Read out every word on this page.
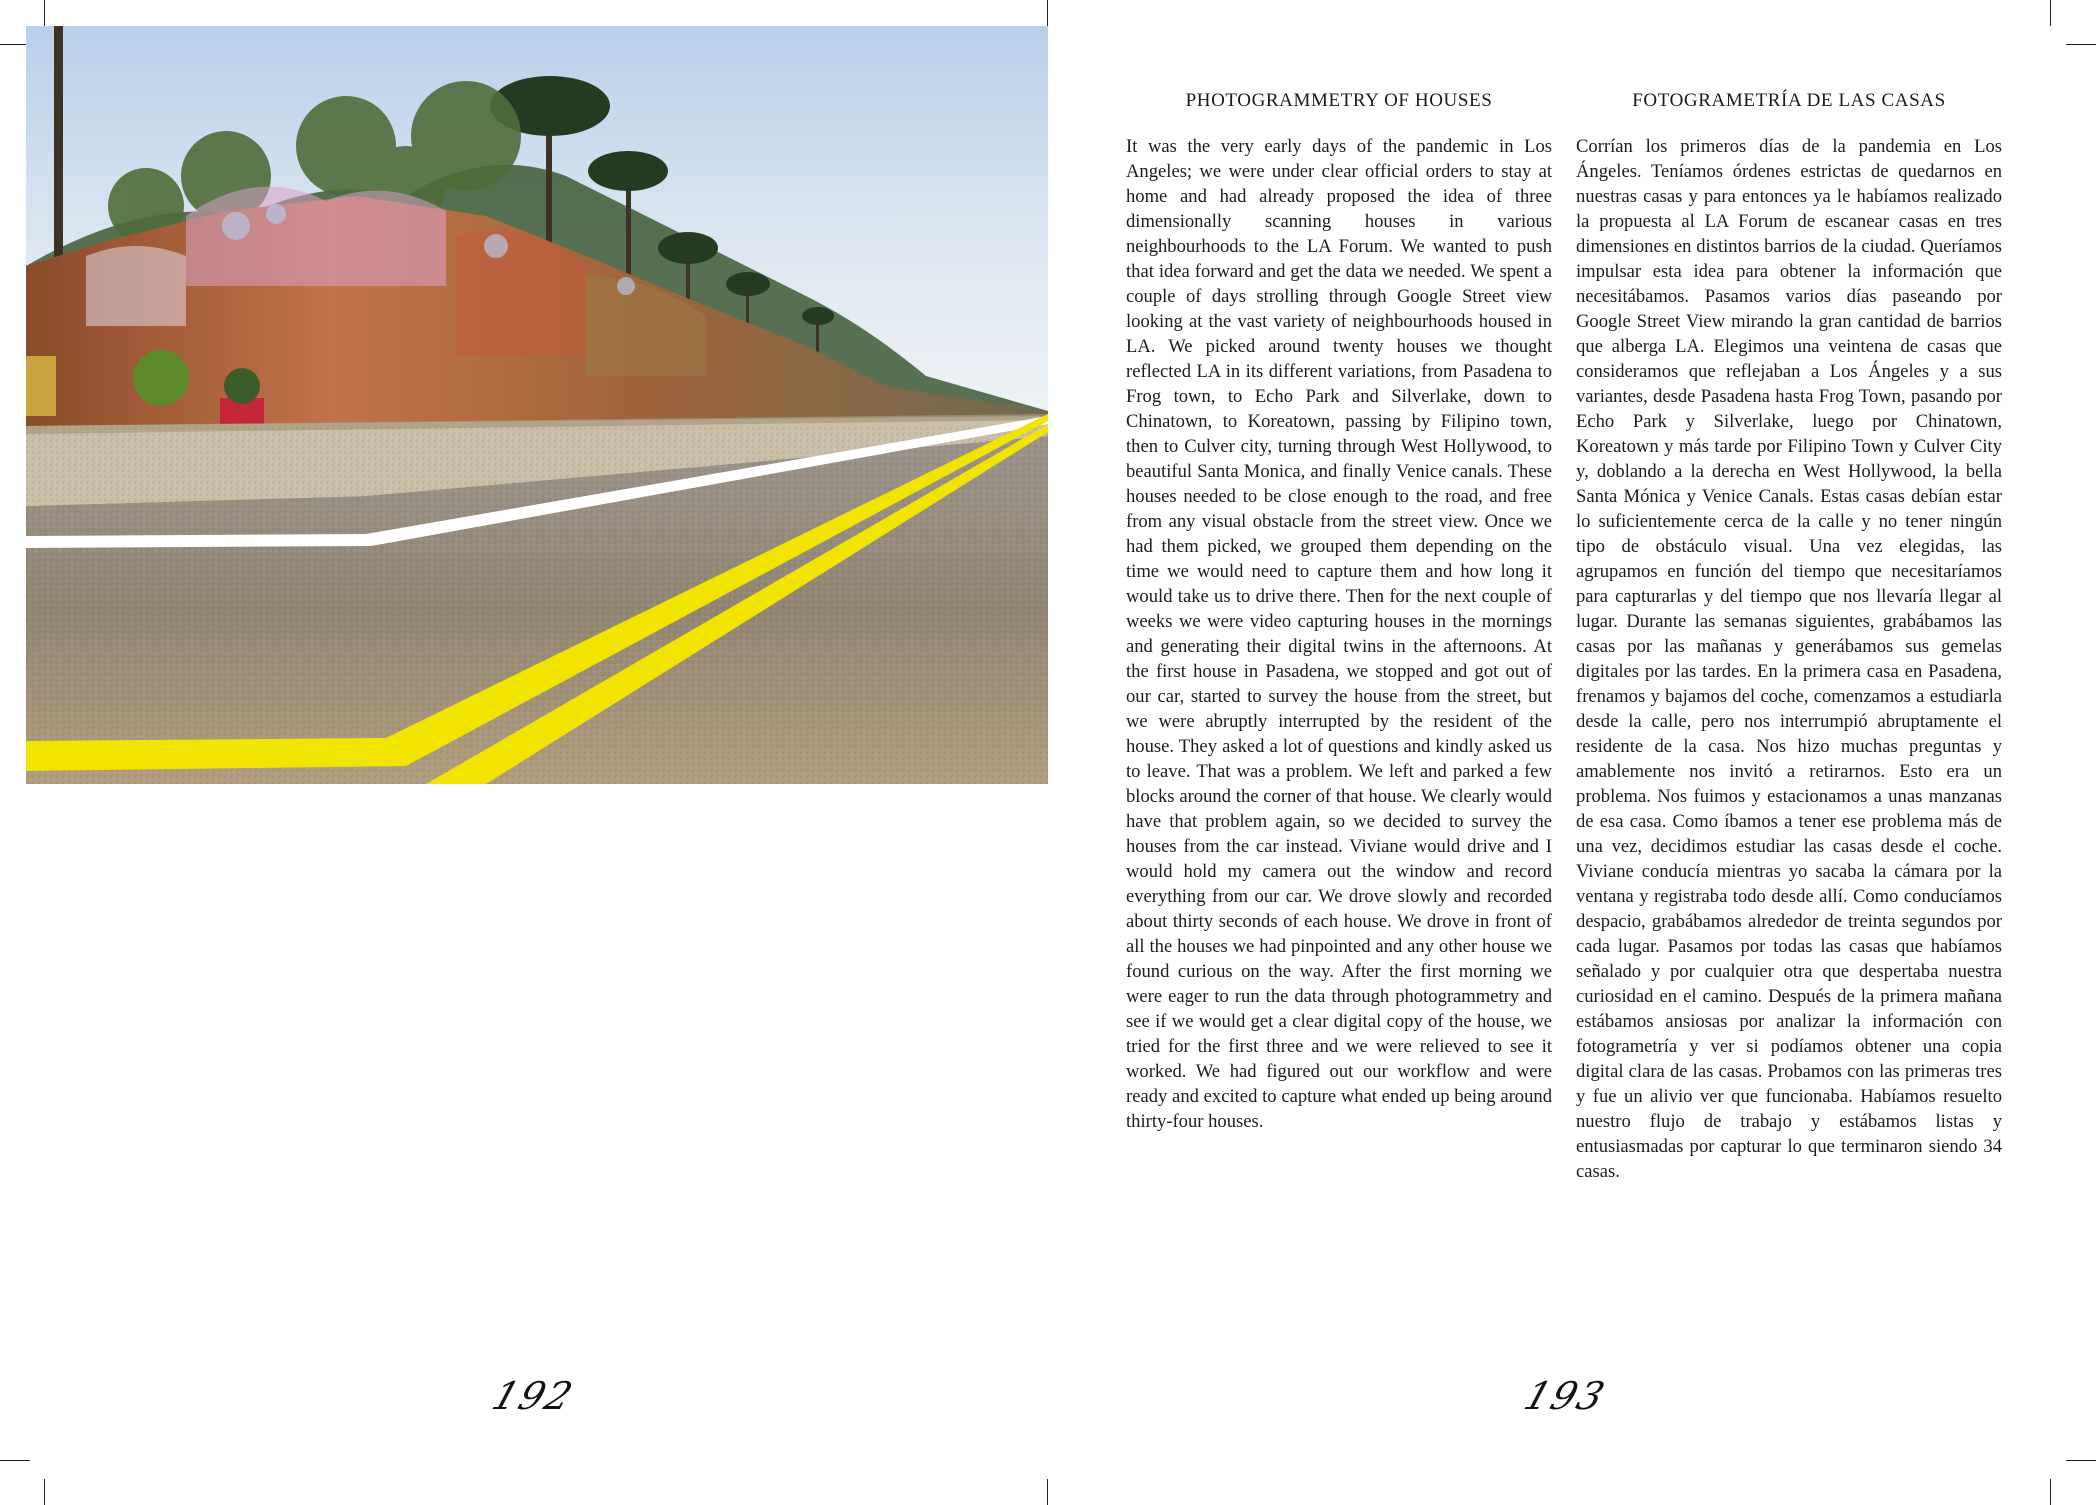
PHOTOGRAMMETRY OF HOUSES

It was the very early days of the pandemic in Los Angeles; we were under clear official orders to stay at home and had already proposed the idea of three dimensionally scanning houses in various neighbourhoods to the LA Forum. We wanted to push that idea forward and get the data we needed. We spent a couple of days strolling through Google Street view looking at the vast variety of neighbourhoods housed in LA. We picked around twenty houses we thought reflected LA in its different variations, from Pasadena to Frog town, to Echo Park and Silverlake, down to Chinatown, to Koreatown, passing by Filipino town, then to Culver city, turning through West Hollywood, to beautiful Santa Monica, and finally Venice canals. These houses needed to be close enough to the road, and free from any visual obstacle from the street view. Once we had them picked, we grouped them depending on the time we would need to capture them and how long it would take us to drive there. Then for the next couple of weeks we were video capturing houses in the mornings and generating their digital twins in the afternoons. At the first house in Pasadena, we stopped and got out of our car, started to survey the house from the street, but we were abruptly interrupted by the resident of the house. They asked a lot of questions and kindly asked us to leave. That was a problem. We left and parked a few blocks around the corner of that house. We clearly would have that problem again, so we decided to survey the houses from the car instead. Viviane would drive and I would hold my camera out the window and record everything from our car. We drove slowly and recorded about thirty seconds of each house. We drove in front of all the houses we had pinpointed and any other house we found curious on the way. After the first morning we were eager to run the data through photogrammetry and see if we would get a clear digital copy of the house, we tried for the first three and we were relieved to see it worked. We had figured out our workflow and were ready and excited to capture what ended up being around thirty-four houses.

FOTOGRAMETRÍA DE LAS CASAS

Corrían los primeros días de la pandemia en Los Ángeles. Teníamos órdenes estrictas de quedarnos en nuestras casas y para entonces ya le habíamos realizado la propuesta al LA Forum de escanear casas en tres dimensiones en distintos barrios de la ciudad. Queríamos impulsar esta idea para obtener la información que necesitábamos. Pasamos varios días paseando por Google Street View mirando la gran cantidad de barrios que alberga LA. Elegimos una veintena de casas que consideramos que reflejaban a Los Ángeles y a sus variantes, desde Pasadena hasta Frog Town, pasando por Echo Park y Silverlake, luego por Chinatown, Koreatown y más tarde por Filipino Town y Culver City y, doblando a la derecha en West Hollywood, la bella Santa Mónica y Venice Canals. Estas casas debían estar lo suficientemente cerca de la calle y no tener ningún tipo de obstáculo visual. Una vez elegidas, las agrupamos en función del tiempo que necesitaríamos para capturarlas y del tiempo que nos llevaría llegar al lugar. Durante las semanas siguientes, grabábamos las casas por las mañanas y generábamos sus gemelas digitales por las tardes. En la primera casa en Pasadena, frenamos y bajamos del coche, comenzamos a estudiarla desde la calle, pero nos interrumpió abruptamente el residente de la casa. Nos hizo muchas preguntas y amablemente nos invitó a retirarnos. Esto era un problema. Nos fuimos y estacionamos a unas manzanas de esa casa. Como íbamos a tener ese problema más de una vez, decidimos estudiar las casas desde el coche. Viviane conducía mientras yo sacaba la cámara por la ventana y registraba todo desde allí. Como conducíamos despacio, grabábamos alrededor de treinta segundos por cada lugar. Pasamos por todas las casas que habíamos señalado y por cualquier otra que despertaba nuestra curiosidad en el camino. Después de la primera mañana estábamos ansiosas por analizar la información con fotogrametría y ver si podíamos obtener una copia digital clara de las casas. Probamos con las primeras tres y fue un alivio ver que funcionaba. Habíamos resuelto nuestro flujo de trabajo y estábamos listas y entusiasmadas por capturar lo que terminaron siendo 34 casas.

192	193
